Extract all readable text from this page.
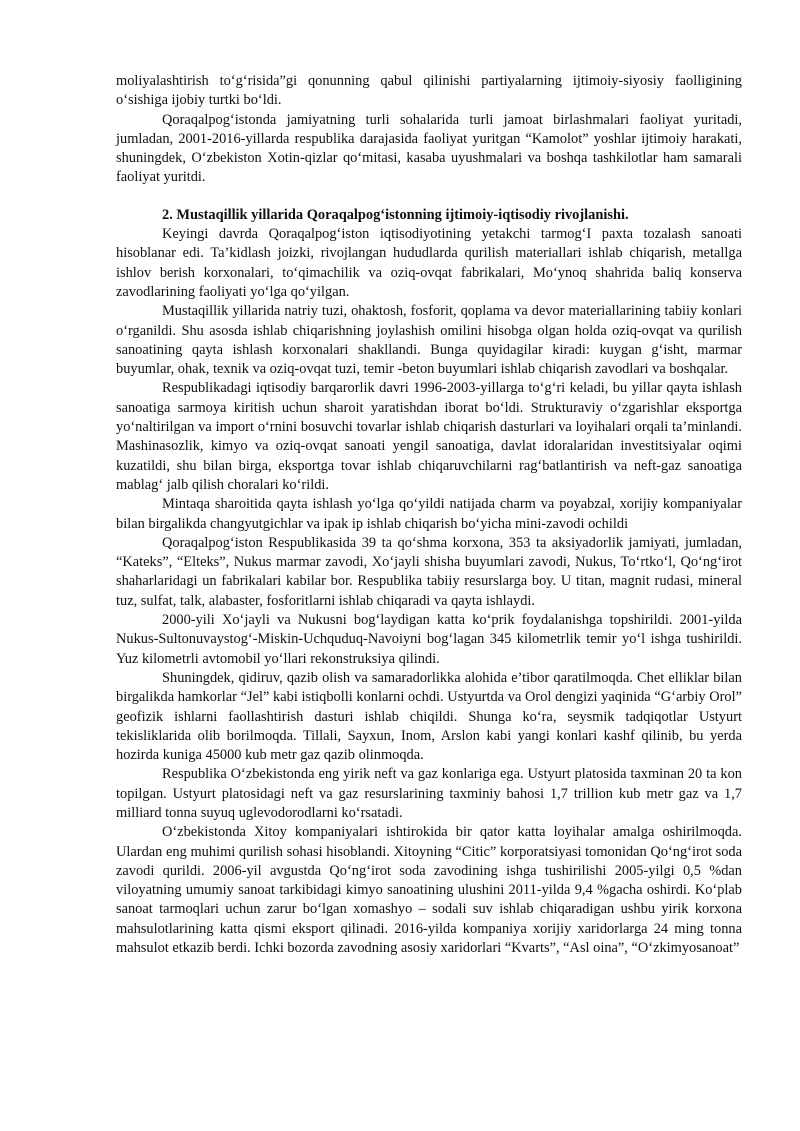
moliyalashtirish to‘g‘risida”gi qonunning qabul qilinishi partiyalarning ijtimoiy-siyosiy faolligining o‘sishiga ijobiy turtki bo‘ldi.

Qoraqalpog‘istonda jamiyatning turli sohalarida turli jamoat birlashmalari faoliyat yuritadi, jumladan, 2001-2016-yillarda respublika darajasida faoliyat yuritgan “Kamolot” yoshlar ijtimoiy harakati, shuningdek, O‘zbekiston Xotin-qizlar qo‘mitasi, kasaba uyushmalari va boshqa tashkilotlar ham samarali faoliyat yuritdi.

2. Mustaqillik yillarida Qoraqalpog‘istonning ijtimoiy-iqtisodiy rivojlanishi.

Keyingi davrda Qoraqalpog‘iston iqtisodiyotining yetakchi tarmog‘I paxta tozalash sanoati hisoblanar edi. Ta’kidlash joizki, rivojlangan hududlarda qurilish materiallari ishlab chiqarish, metallga ishlov berish korxonalari, to‘qimachilik va oziq-ovqat fabrikalari, Mo‘ynoq shahrida baliq konserva zavodlarining faoliyati yo‘lga qo‘yilgan.

Mustaqillik yillarida natriy tuzi, ohaktosh, fosforit, qoplama va devor materiallarining tabiiy konlari o‘rganildi. Shu asosda ishlab chiqarishning joylashish omilini hisobga olgan holda oziq-ovqat va qurilish sanoatining qayta ishlash korxonalari shakllandi. Bunga quyidagilar kiradi: kuygan g‘isht, marmar buyumlar, ohak, texnik va oziq-ovqat tuzi, temir -beton buyumlari ishlab chiqarish zavodlari va boshqalar.

Respublikadagi iqtisodiy barqarorlik davri 1996-2003-yillarga to‘g‘ri keladi, bu yillar qayta ishlash sanoatiga sarmoya kiritish uchun sharoit yaratishdan iborat bo‘ldi. Strukturaviy o‘zgarishlar eksportga yo‘naltirilgan va import o‘rnini bosuvchi tovarlar ishlab chiqarish dasturlari va loyihalari orqali ta’minlandi. Mashinasozlik, kimyo va oziq-ovqat sanoati yengil sanoatiga, davlat idoralaridan investitsiyalar oqimi kuzatildi, shu bilan birga, eksportga tovar ishlab chiqaruvchilarni rag‘batlantirish va neft-gaz sanoatiga mablag‘ jalb qilish choralari ko‘rildi.

Mintaqa sharoitida qayta ishlash yo‘lga qo‘yildi natijada charm va poyabzal, xorijiy kompaniyalar bilan birgalikda changyutgichlar va ipak ip ishlab chiqarish bo‘yicha mini-zavodi ochildi

Qoraqalpog‘iston Respublikasida 39 ta qo‘shma korxona, 353 ta aksiyadorlik jamiyati, jumladan, “Kateks”, “Elteks”, Nukus marmar zavodi, Xo‘jayli shisha buyumlari zavodi, Nukus, To‘rtko‘l, Qo‘ng‘irot shaharlaridagi un fabrikalari kabilar bor. Respublika tabiiy resurslarga boy. U titan, magnit rudasi, mineral tuz, sulfat, talk, alabaster, fosforitlarni ishlab chiqaradi va qayta ishlaydi.

2000-yili Xo‘jayli va Nukusni bog‘laydigan katta ko‘prik foydalanishga topshirildi. 2001-yilda Nukus-Sultonuvaystog‘-Miskin-Uchquduq-Navoiyni bog‘lagan 345 kilometrlik temir yo‘l ishga tushirildi. Yuz kilometrli avtomobil yo‘llari rekonstruksiya qilindi.

Shuningdek, qidiruv, qazib olish va samaradorlikka alohida e’tibor qaratilmoqda. Chet elliklar bilan birgalikda hamkorlar “Jel” kabi istiqbolli konlarni ochdi. Ustyurtda va Orol dengizi yaqinida “G‘arbiy Orol” geofizik ishlarni faollashtirish dasturi ishlab chiqildi. Shunga ko‘ra, seysmik tadqiqotlar Ustyurt tekisliklarida olib borilmoqda. Tillali, Sayxun, Inom, Arslon kabi yangi konlari kashf qilinib, bu yerda hozirda kuniga 45000 kub metr gaz qazib olinmoqda.

Respublika O‘zbekistonda eng yirik neft va gaz konlariga ega. Ustyurt platosida taxminan 20 ta kon topilgan. Ustyurt platosidagi neft va gaz resurslarining taxminiy bahosi 1,7 trillion kub metr gaz va 1,7 milliard tonna suyuq uglevodorodlarni ko‘rsatadi.

O‘zbekistonda Xitoy kompaniyalari ishtirokida bir qator katta loyihalar amalga oshirilmoqda. Ulardan eng muhimi qurilish sohasi hisoblandi. Xitoyning “Citic” korporatsiyasi tomonidan Qo‘ng‘irot soda zavodi qurildi. 2006-yil avgustda Qo‘ng‘irot soda zavodining ishga tushirilishi 2005-yilgi 0,5 %dan viloyatning umumiy sanoat tarkibidagi kimyo sanoatining ulushini 2011-yilda 9,4 %gacha oshirdi. Ko‘plab sanoat tarmoqlari uchun zarur bo‘lgan xomashyo – sodali suv ishlab chiqaradigan ushbu yirik korxona mahsulotlarining katta qismi eksport qilinadi. 2016-yilda kompaniya xorijiy xaridorlarga 24 ming tonna mahsulot etkazib berdi. Ichki bozorda zavodning asosiy xaridorlari “Kvarts”, “Asl oina”, “O‘zkimyosanoat”
